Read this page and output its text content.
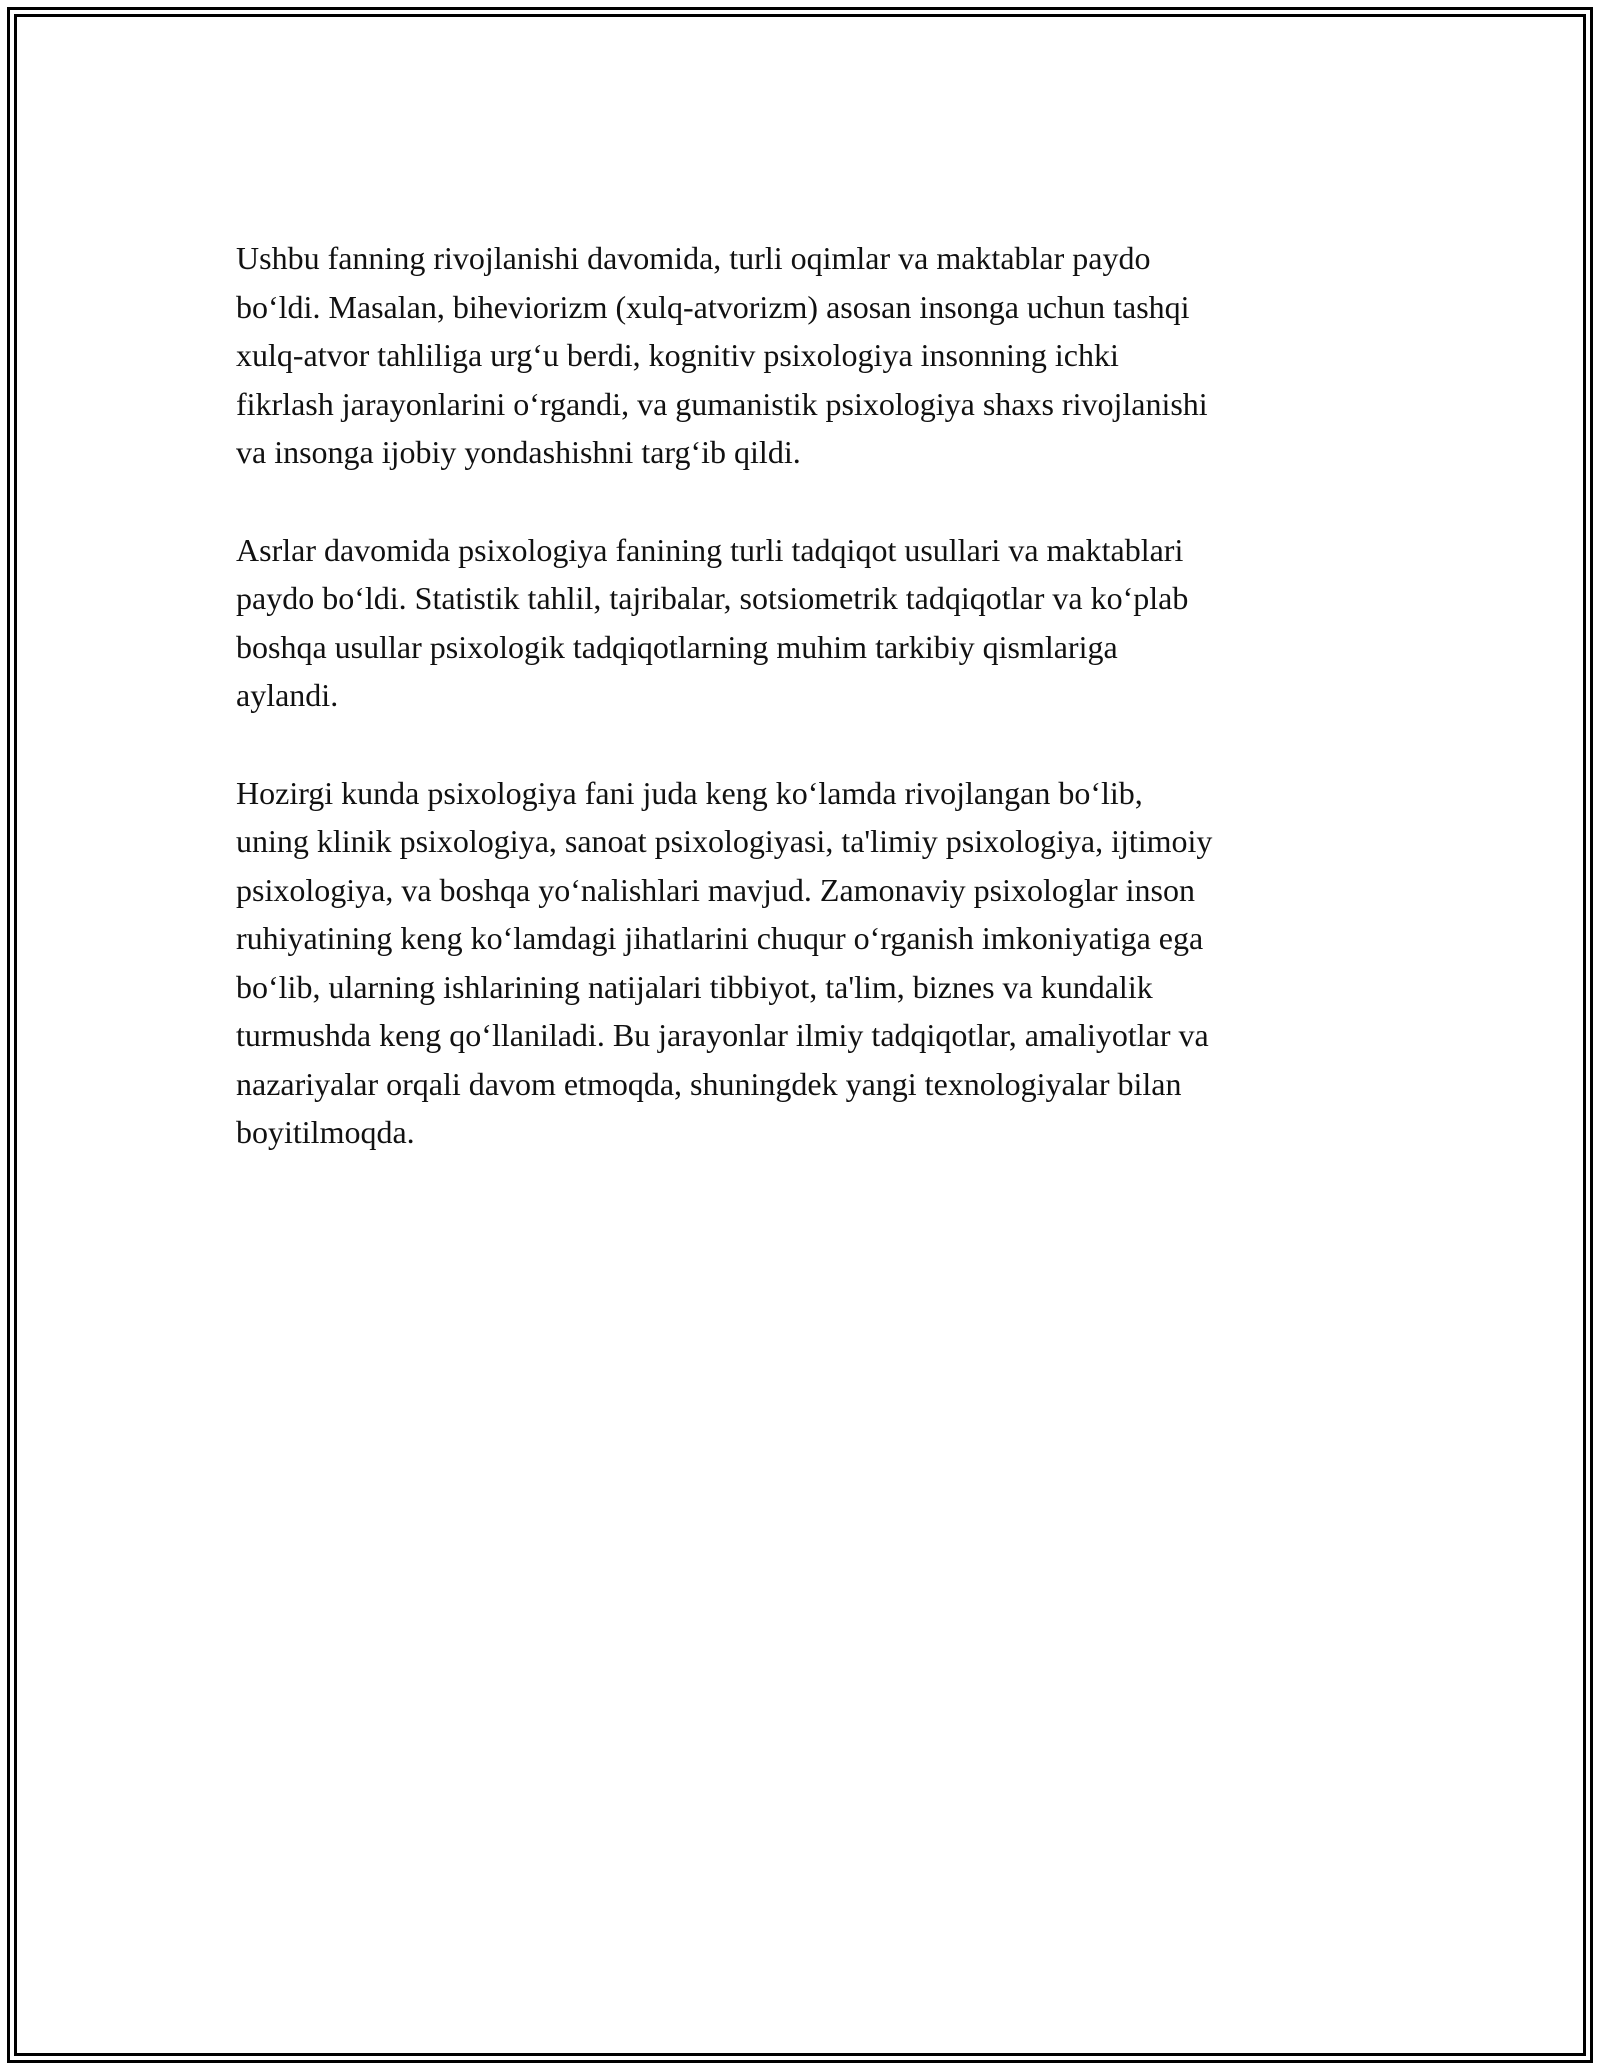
Ushbu fanning rivojlanishi davomida, turli oqimlar va maktablar paydo
bo‘ldi. Masalan, biheviorizm (xulq-atvorizm) asosan insonga uchun tashqi
xulq-atvor tahliliga urg‘u berdi, kognitiv psixologiya insonning ichki
fikrlash jarayonlarini o‘rgandi, va gumanistik psixologiya shaxs rivojlanishi
va insonga ijobiy yondashishni targ‘ib qildi.

Asrlar davomida psixologiya fanining turli tadqiqot usullari va maktablari
paydo bo‘ldi. Statistik tahlil, tajribalar, sotsiometrik tadqiqotlar va ko‘plab
boshqa usullar psixologik tadqiqotlarning muhim tarkibiy qismlariga
aylandi.

Hozirgi kunda psixologiya fani juda keng ko‘lamda rivojlangan bo‘lib,
uning klinik psixologiya, sanoat psixologiyasi, ta'limiy psixologiya, ijtimoiy
psixologiya, va boshqa yo‘nalishlari mavjud. Zamonaviy psixologlar inson
ruhiyatining keng ko‘lamdagi jihatlarini chuqur o‘rganish imkoniyatiga ega
bo‘lib, ularning ishlarining natijalari tibbiyot, ta'lim, biznes va kundalik
turmushda keng qo‘llaniladi. Bu jarayonlar ilmiy tadqiqotlar, amaliyotlar va
nazariyalar orqali davom etmoqda, shuningdek yangi texnologiyalar bilan
boyitilmoqda.
